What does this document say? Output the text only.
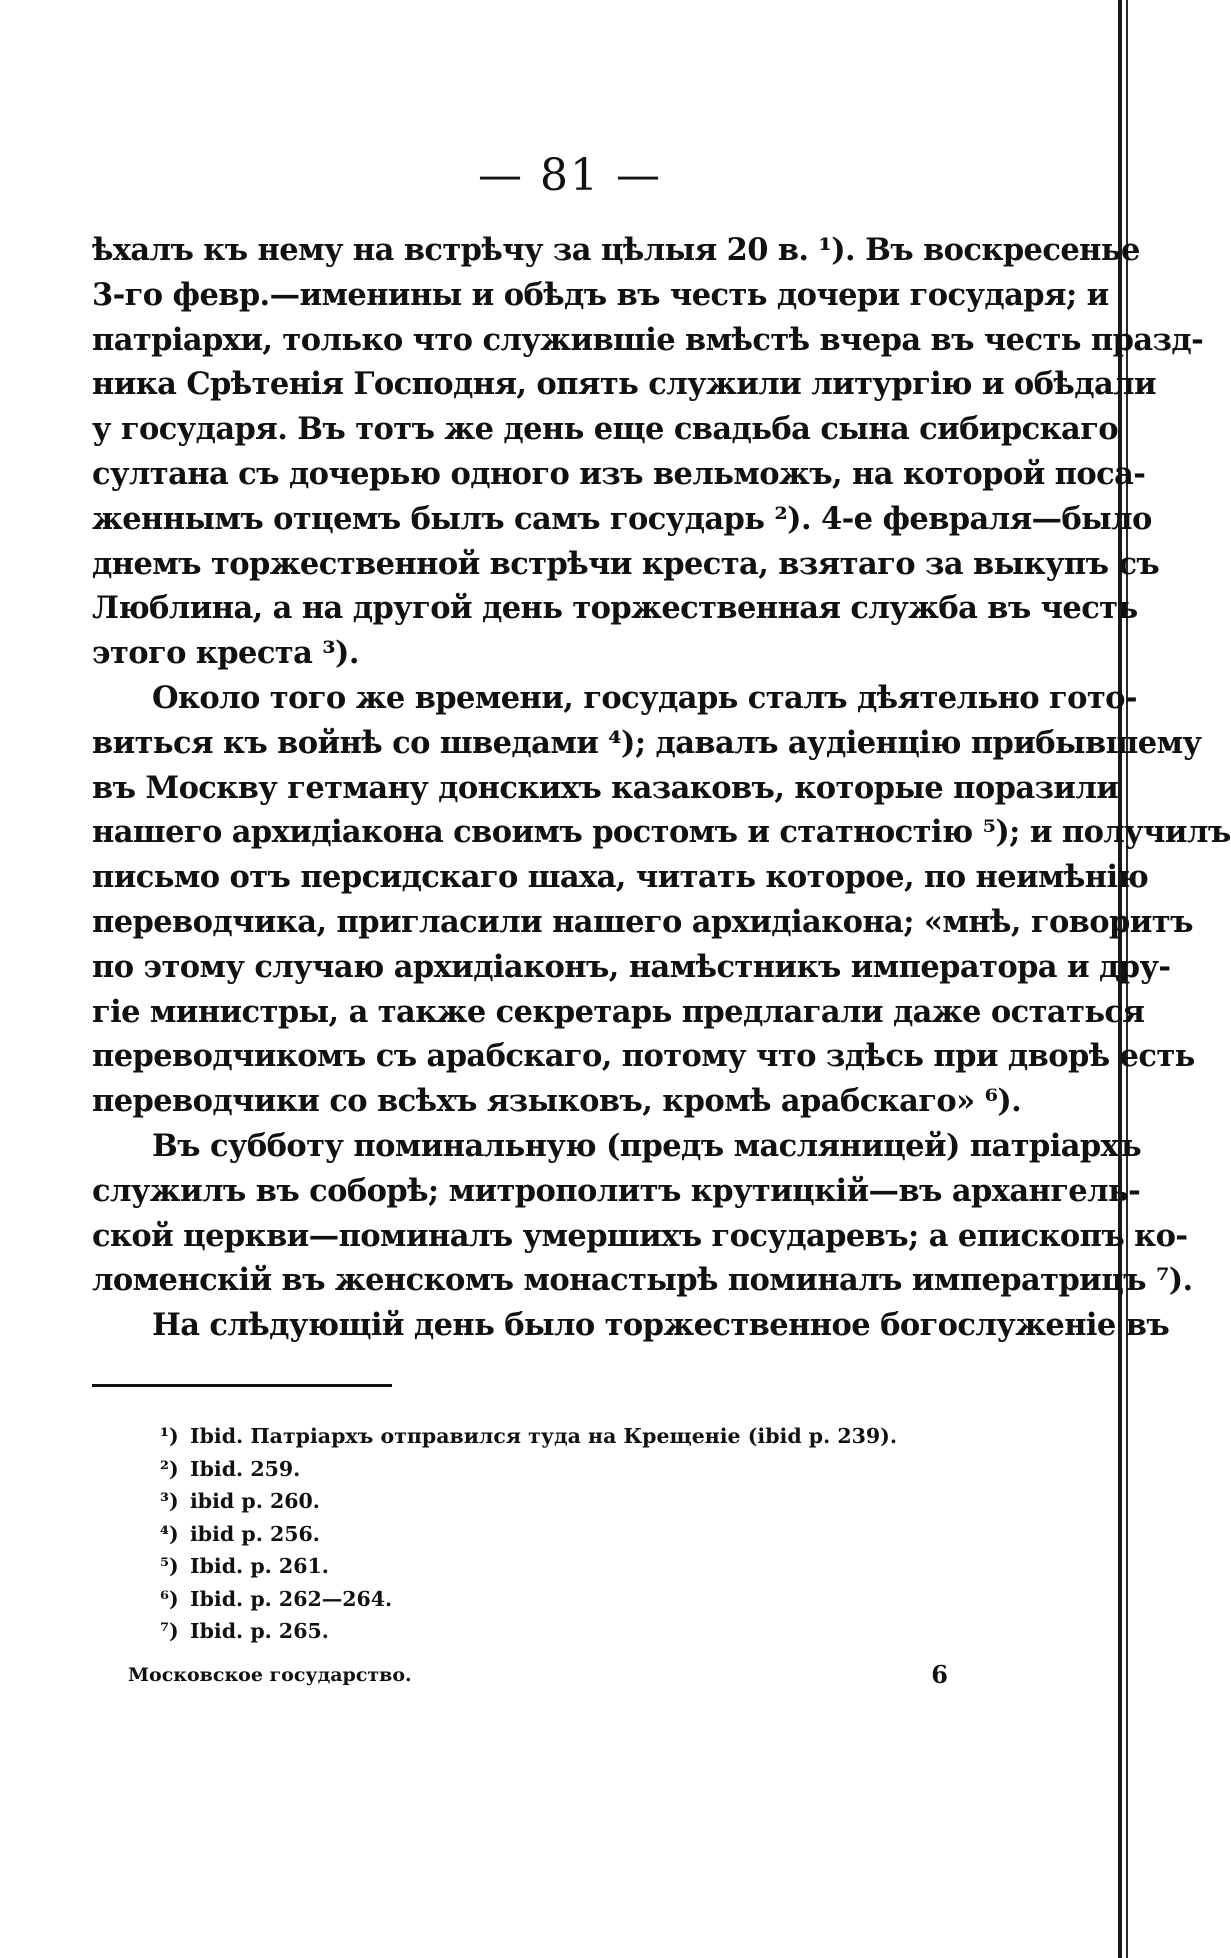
— 81 —
ѣхалъ къ нему на встрѣчу за цѣлыя 20 в. ¹). Въ воскресенье
3-го февр.—именины и обѣдъ въ честь дочери государя; и
патріархи, только что служившіе вмѣстѣ вчера въ честь празд-
ника Срѣтенія Господня, опять служили литургію и обѣдали
у государя. Въ тотъ же день еще свадьба сына сибирскаго
султана съ дочерью одного изъ вельможъ, на которой поса-
женнымъ отцемъ былъ самъ государь ²). 4-е февраля—было
днемъ торжественной встрѣчи креста, взятаго за выкупъ съ
Люблина, а на другой день торжественная служба въ честь
этого креста ³).
Около того же времени, государь сталъ дѣятельно гото-
виться къ войнѣ со шведами ⁴); давалъ аудіенцію прибывшему
въ Москву гетману донскихъ казаковъ, которые поразили
нашего архидіакона своимъ ростомъ и статностію ⁵); и получилъ
письмо отъ персидскаго шаха, читать которое, по неимѣнію
переводчика, пригласили нашего архидіакона; «мнѣ, говоритъ
по этому случаю архидіаконъ, намѣстникъ императора и дру-
гіе министры, а также секретарь предлагали даже остаться
переводчикомъ съ арабскаго, потому что здѣсь при дворѣ есть
переводчики со всѣхъ языковъ, кромѣ арабскаго» ⁶).
Въ субботу поминальную (предъ масляницей) патріархъ
служилъ въ соборѣ; митрополитъ крутицкій—въ архангель-
ской церкви—поминалъ умершихъ государевъ; а епископъ ко-
ломенскій въ женскомъ монастырѣ поминалъ императрицъ ⁷).
На слѣдующій день было торжественное богослуженіе въ
¹) Ibid. Патріархъ отправился туда на Крещеніе (ibid p. 239).
²) Ibid. 259.
³) ibid p. 260.
⁴) ibid p. 256.
⁵) Ibid. p. 261.
⁶) Ibid. p. 262—264.
⁷) Ibid. p. 265.
Московское государство.	6
